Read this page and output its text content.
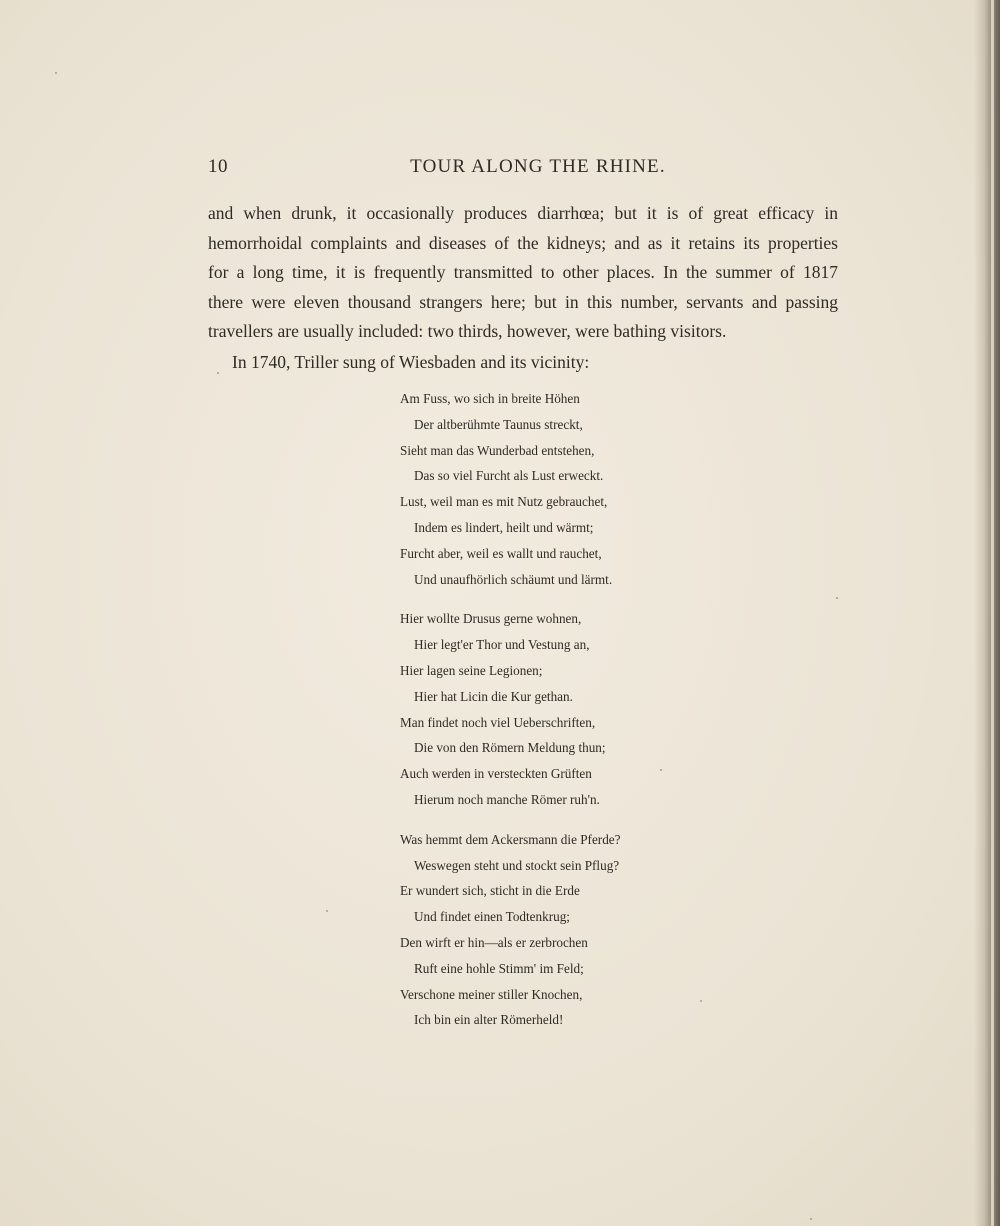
10	TOUR ALONG THE RHINE.

and when drunk, it occasionally produces diarrhœa; but it is of great efficacy in

hemorrhoidal complaints and diseases of the kidneys; and as it retains its properties

for a long time, it is frequently transmitted to other places. In the summer of 1817

there were eleven thousand strangers here; but in this number, servants and passing

travellers are usually included: two thirds, however, were bathing visitors.

In 1740, Triller sung of Wiesbaden and its vicinity:

Am Fuss, wo sich in breite Höhen
Der altberühmte Taunus streckt,
Sieht man das Wunderbad entstehen,
Das so viel Furcht als Lust erweckt.
Lust, weil man es mit Nutz gebrauchet,
Indem es lindert, heilt und wärmt;
Furcht aber, weil es wallt und rauchet,
Und unaufhörlich schäumt und lärmt.
Hier wollte Drusus gerne wohnen,
Hier legt'er Thor und Vestung an,
Hier lagen seine Legionen;
Hier hat Licin die Kur gethan.
Man findet noch viel Ueberschriften,
Die von den Römern Meldung thun;
Auch werden in versteckten Grüften
Hierum noch manche Römer ruh'n.
Was hemmt dem Ackersmann die Pferde?
Weswegen steht und stockt sein Pflug?
Er wundert sich, sticht in die Erde
Und findet einen Todtenkrug;
Den wirft er hin—als er zerbrochen
Ruft eine hohle Stimm' im Feld;
Verschone meiner stiller Knochen,
Ich bin ein alter Römerheld!
